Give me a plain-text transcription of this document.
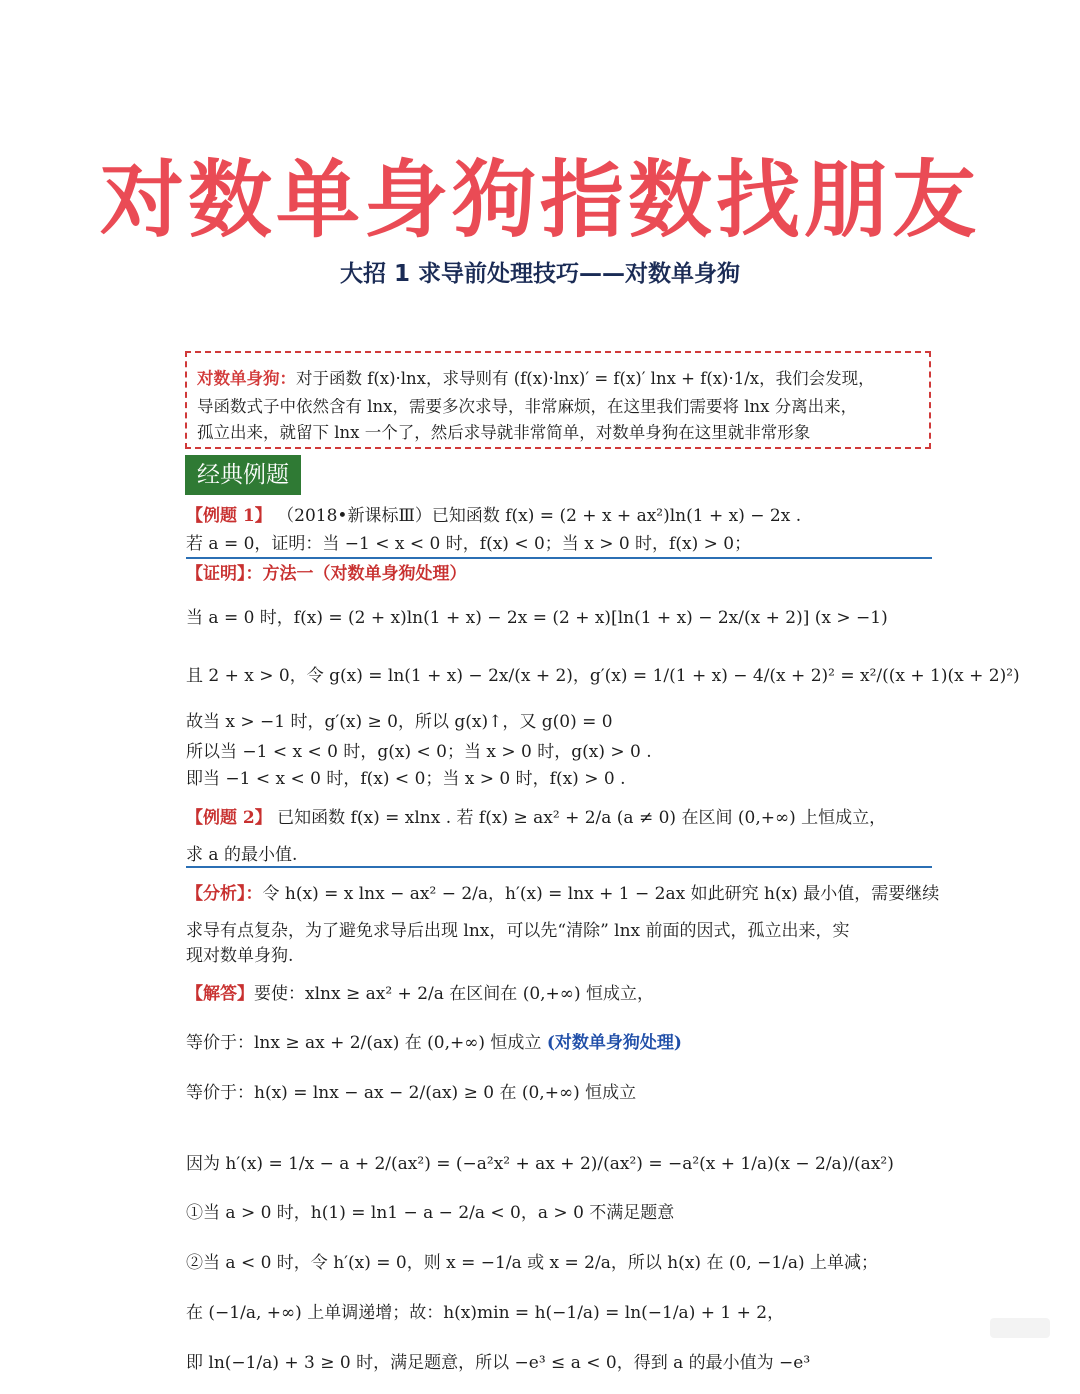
对数单身狗指数找朋友
大招 1 求导前处理技巧——对数单身狗
对数单身狗：对于函数 f(x)·lnx，求导则有 (f(x)·lnx)′ = f(x)′ lnx + f(x)·1/x，我们会发现，
导函数式子中依然含有 lnx，需要多次求导，非常麻烦，在这里我们需要将 lnx 分离出来，
孤立出来，就留下 lnx 一个了，然后求导就非常简单，对数单身狗在这里就非常形象
经典例题
【例题 1】 （2018•新课标Ⅲ）已知函数 f(x) = (2 + x + ax²)ln(1 + x) − 2x .
若 a = 0，证明：当 −1 < x < 0 时，f(x) < 0；当 x > 0 时，f(x) > 0；
【证明】：方法一（对数单身狗处理）
当 a = 0 时，f(x) = (2 + x)ln(1 + x) − 2x = (2 + x)[ln(1 + x) − 2x/(x + 2)] (x > −1)
且 2 + x > 0，令 g(x) = ln(1 + x) − 2x/(x + 2)，g′(x) = 1/(1 + x) − 4/(x + 2)² = x²/((x + 1)(x + 2)²)
故当 x > −1 时，g′(x) ≥ 0，所以 g(x)↑，又 g(0) = 0
所以当 −1 < x < 0 时，g(x) < 0；当 x > 0 时，g(x) > 0 .
即当 −1 < x < 0 时，f(x) < 0；当 x > 0 时，f(x) > 0 .
【例题 2】 已知函数 f(x) = xlnx . 若 f(x) ≥ ax² + 2/a (a ≠ 0) 在区间 (0,+∞) 上恒成立，
求 a 的最小值.
【分析】：令 h(x) = x lnx − ax² − 2/a，h′(x) = lnx + 1 − 2ax 如此研究 h(x) 最小值，需要继续
求导有点复杂，为了避免求导后出现 lnx，可以先“清除” lnx 前面的因式，孤立出来，实
现对数单身狗.
【解答】要使：xlnx ≥ ax² + 2/a 在区间在 (0,+∞) 恒成立，
等价于：lnx ≥ ax + 2/(ax) 在 (0,+∞) 恒成立 (对数单身狗处理)
等价于：h(x) = lnx − ax − 2/(ax) ≥ 0 在 (0,+∞) 恒成立
因为 h′(x) = 1/x − a + 2/(ax²) = (−a²x² + ax + 2)/(ax²) = −a²(x + 1/a)(x − 2/a)/(ax²)
①当 a > 0 时，h(1) = ln1 − a − 2/a < 0，a > 0 不满足题意
②当 a < 0 时，令 h′(x) = 0，则 x = −1/a 或 x = 2/a，所以 h(x) 在 (0, −1/a) 上单减；
在 (−1/a, +∞) 上单调递增；故：h(x)min = h(−1/a) = ln(−1/a) + 1 + 2，
即 ln(−1/a) + 3 ≥ 0 时，满足题意，所以 −e³ ≤ a < 0，得到 a 的最小值为 −e³
